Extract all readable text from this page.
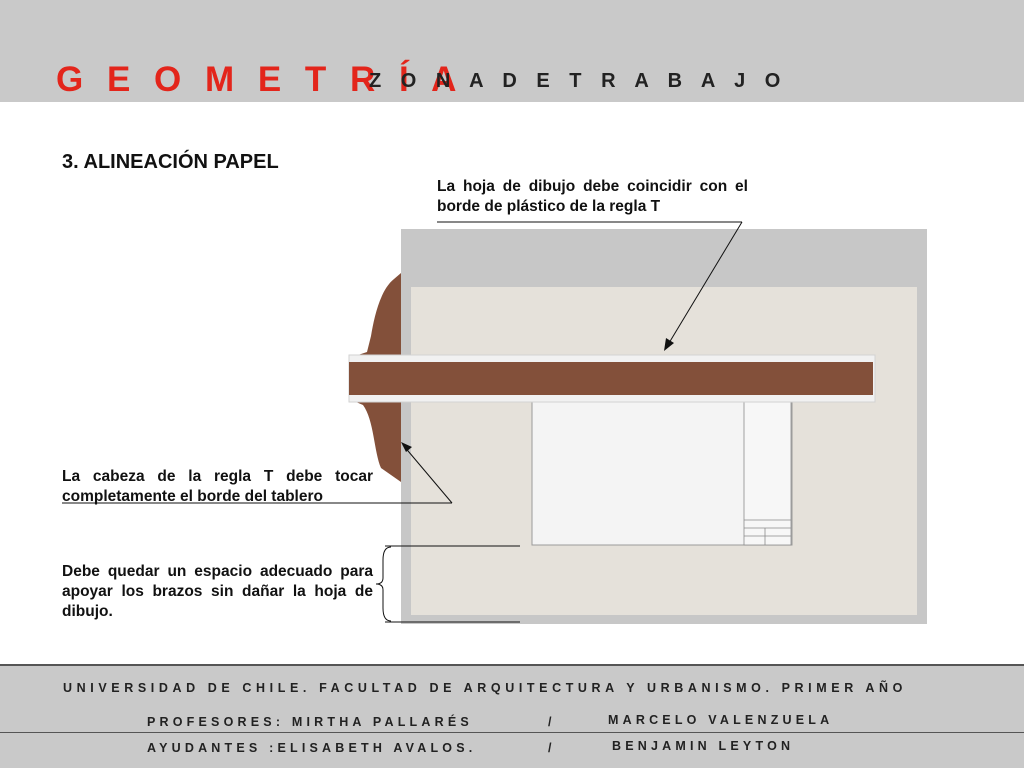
G E O M E T R Í A
Z O N A D E T R A B A J O
3. ALINEACIÓN PAPEL
La hoja de dibujo debe coincidir con el borde de plástico de la regla T
La cabeza de la regla T debe tocar completamente el borde del tablero
Debe quedar un espacio adecuado para apoyar los brazos sin dañar la hoja de dibujo.
UNIVERSIDAD DE CHILE. FACULTAD DE ARQUITECTURA Y URBANISMO. PRIMER AÑO
PROFESORES: MIRTHA PALLARÉS	/	MARCELO VALENZUELA
AYUDANTES :ELISABETH AVALOS.	/	BENJAMIN LEYTON
